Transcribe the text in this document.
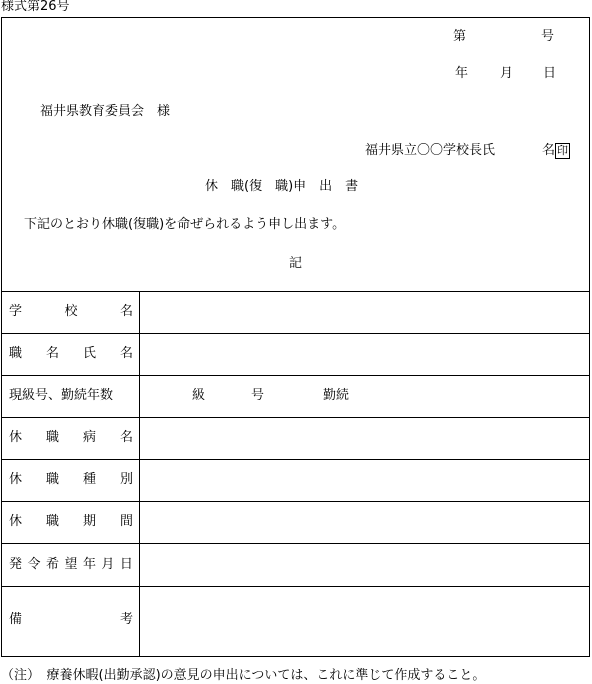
様式第26号
第	号
年 月 日
福井県教育委員会　様
福井県立〇〇学校長氏	名 印
休　職(復　職)申　出　書
下記のとおり休職(復職)を命ぜられるよう申し出ます。
記
学	校	名
職 名 氏 名
現級号、勤続年数	級	号	勤続
休 職 病 名
休 職 種 別
休 職 期 間
発 令 希 望 年 月 日
備	考
（注）　療養休暇(出勤承認)の意見の申出については、これに準じて作成すること。
